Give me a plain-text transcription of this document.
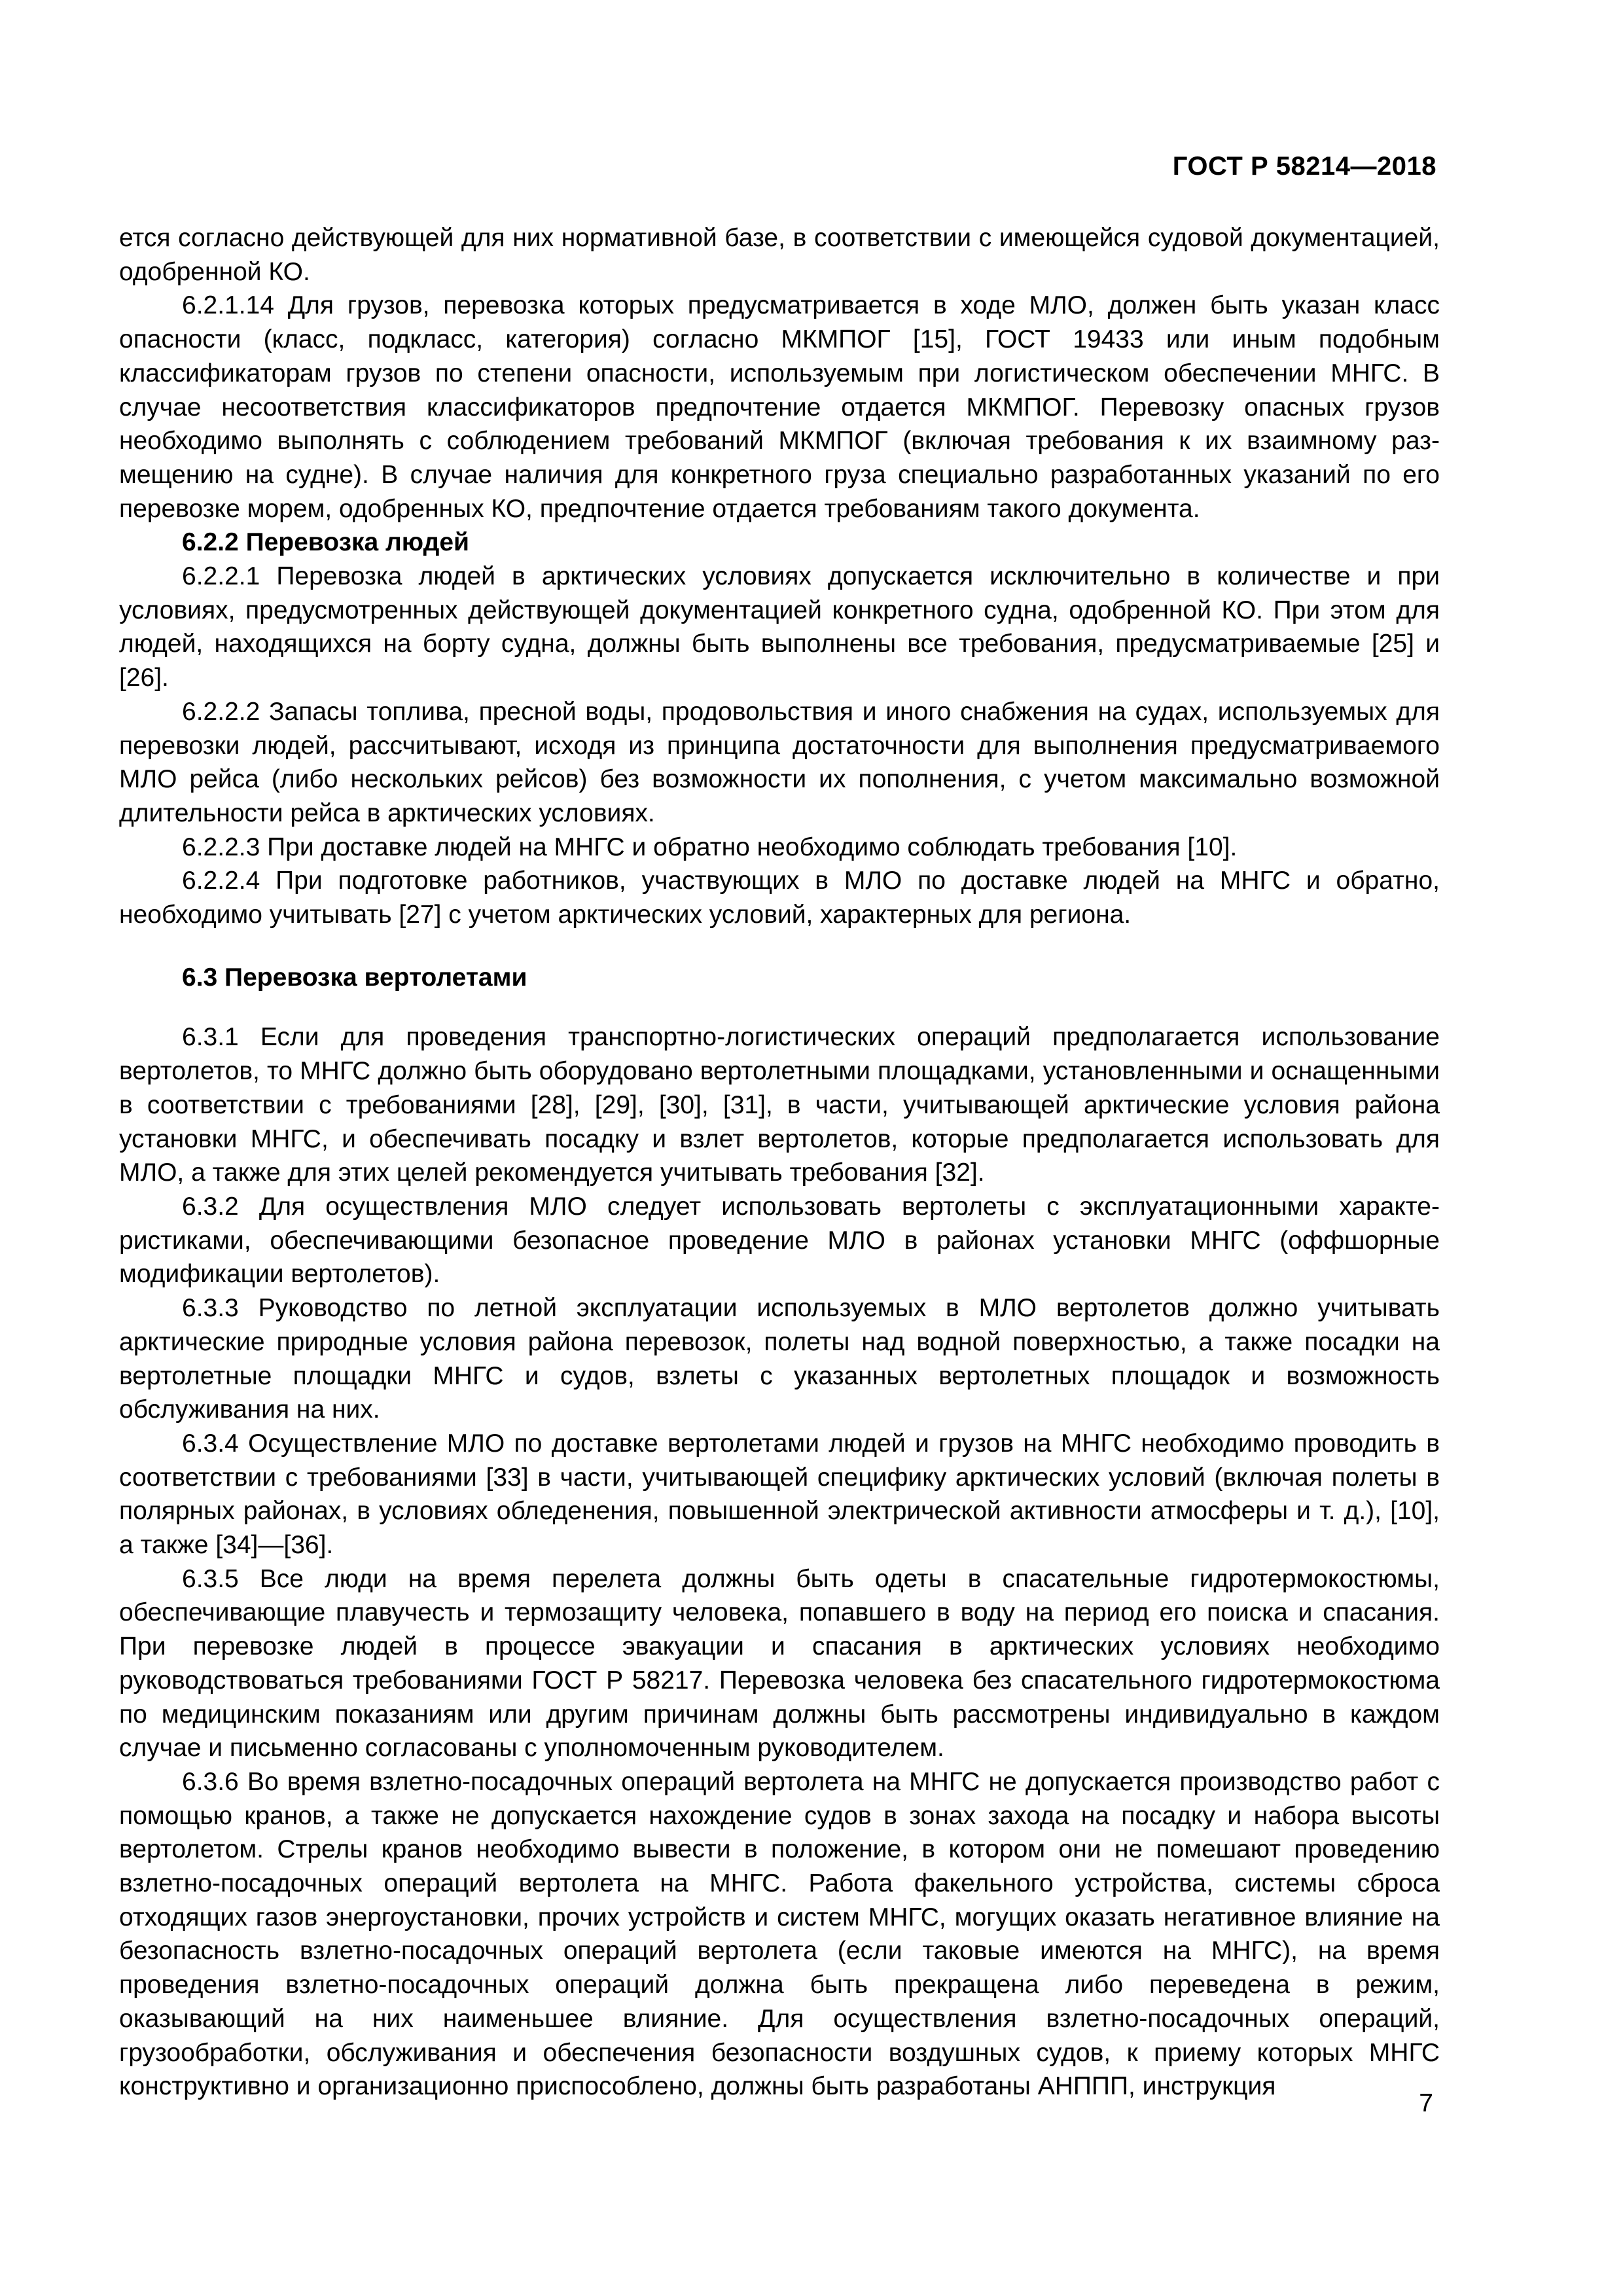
ГОСТ Р 58214—2018

ется согласно действующей для них нормативной базе, в соответствии с имеющейся судовой документацией, одобренной КО.

6.2.1.14 Для грузов, перевозка которых предусматривается в ходе МЛО, должен быть указан класс опасности (класс, подкласс, категория) согласно МКМПОГ [15], ГОСТ 19433 или иным подобным классификаторам грузов по степени опасности, используемым при логистическом обеспечении МНГС. В случае несоответствия классификаторов предпочтение отдается МКМПОГ. Перевозку опасных грузов необходимо выполнять с соблюдением требований МКМПОГ (включая требования к их взаимному размещению на судне). В случае наличия для конкретного груза специально разработанных указаний по его перевозке морем, одобренных КО, предпочтение отдается требованиям такого документа.

6.2.2 Перевозка людей

6.2.2.1 Перевозка людей в арктических условиях допускается исключительно в количестве и при условиях, предусмотренных действующей документацией конкретного судна, одобренной КО. При этом для людей, находящихся на борту судна, должны быть выполнены все требования, предусматриваемые [25] и [26].

6.2.2.2 Запасы топлива, пресной воды, продовольствия и иного снабжения на судах, используемых для перевозки людей, рассчитывают, исходя из принципа достаточности для выполнения предусматриваемого МЛО рейса (либо нескольких рейсов) без возможности их пополнения, с учетом максимально возможной длительности рейса в арктических условиях.

6.2.2.3 При доставке людей на МНГС и обратно необходимо соблюдать требования [10].

6.2.2.4 При подготовке работников, участвующих в МЛО по доставке людей на МНГС и обратно, необходимо учитывать [27] с учетом арктических условий, характерных для региона.

6.3 Перевозка вертолетами

6.3.1 Если для проведения транспортно-логистических операций предполагается использование вертолетов, то МНГС должно быть оборудовано вертолетными площадками, установленными и оснащенными в соответствии с требованиями [28], [29], [30], [31], в части, учитывающей арктические условия района установки МНГС, и обеспечивать посадку и взлет вертолетов, которые предполагается использовать для МЛО, а также для этих целей рекомендуется учитывать требования [32].

6.3.2 Для осуществления МЛО следует использовать вертолеты с эксплуатационными характеристиками, обеспечивающими безопасное проведение МЛО в районах установки МНГС (оффшорные модификации вертолетов).

6.3.3 Руководство по летной эксплуатации используемых в МЛО вертолетов должно учитывать арктические природные условия района перевозок, полеты над водной поверхностью, а также посадки на вертолетные площадки МНГС и судов, взлеты с указанных вертолетных площадок и возможность обслуживания на них.

6.3.4 Осуществление МЛО по доставке вертолетами людей и грузов на МНГС необходимо проводить в соответствии с требованиями [33] в части, учитывающей специфику арктических условий (включая полеты в полярных районах, в условиях обледенения, повышенной электрической активности атмосферы и т. д.), [10], а также [34]—[36].

6.3.5 Все люди на время перелета должны быть одеты в спасательные гидротермокостюмы, обеспечивающие плавучесть и термозащиту человека, попавшего в воду на период его поиска и спасания. При перевозке людей в процессе эвакуации и спасания в арктических условиях необходимо руководствоваться требованиями ГОСТ Р 58217. Перевозка человека без спасательного гидротермокостюма по медицинским показаниям или другим причинам должны быть рассмотрены индивидуально в каждом случае и письменно согласованы с уполномоченным руководителем.

6.3.6 Во время взлетно-посадочных операций вертолета на МНГС не допускается производство работ с помощью кранов, а также не допускается нахождение судов в зонах захода на посадку и набора высоты вертолетом. Стрелы кранов необходимо вывести в положение, в котором они не помешают проведению взлетно-посадочных операций вертолета на МНГС. Работа факельного устройства, системы сброса отходящих газов энергоустановки, прочих устройств и систем МНГС, могущих оказать негативное влияние на безопасность взлетно-посадочных операций вертолета (если таковые имеются на МНГС), на время проведения взлетно-посадочных операций должна быть прекращена либо переведена в режим, оказывающий на них наименьшее влияние. Для осуществления взлетно-посадочных операций, грузообработки, обслуживания и обеспечения безопасности воздушных судов, к приему которых МНГС конструктивно и организационно приспособлено, должны быть разработаны АНППП, инструкция

7
